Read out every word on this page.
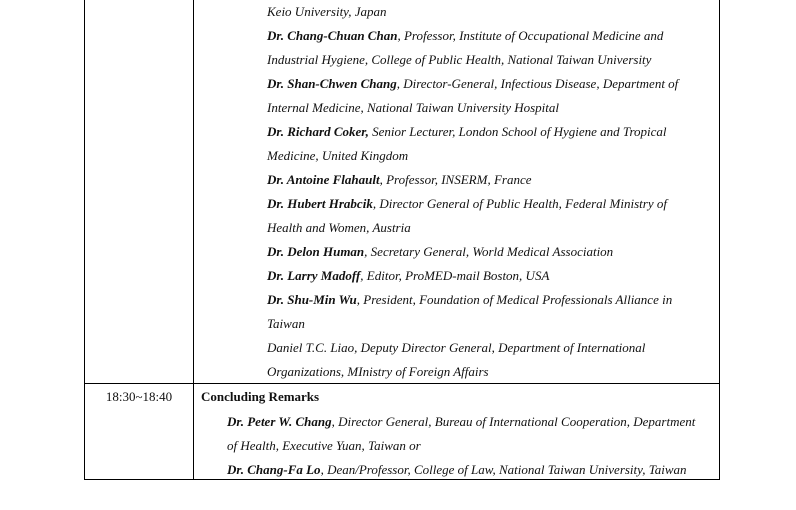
Keio University, Japan
Dr. Chang-Chuan Chan, Professor, Institute of Occupational Medicine and
Industrial Hygiene, College of Public Health, National Taiwan University
Dr. Shan-Chwen Chang, Director-General, Infectious Disease, Department of
Internal Medicine, National Taiwan University Hospital
Dr. Richard Coker, Senior Lecturer, London School of Hygiene and Tropical
Medicine, United Kingdom
Dr. Antoine Flahault, Professor, INSERM, France
Dr. Hubert Hrabcik, Director General of Public Health, Federal Ministry of
Health and Women, Austria
Dr. Delon Human, Secretary General, World Medical Association
Dr. Larry Madoff, Editor, ProMED-mail Boston, USA
Dr. Shu-Min Wu, President, Foundation of Medical Professionals Alliance in
Taiwan
Daniel T.C. Liao, Deputy Director General, Department of International
Organizations, MInistry of Foreign Affairs
18:30~18:40	Concluding Remarks
Dr. Peter W. Chang, Director General, Bureau of International Cooperation, Department
of Health, Executive Yuan, Taiwan or
Dr. Chang-Fa Lo, Dean/Professor, College of Law, National Taiwan University, Taiwan
